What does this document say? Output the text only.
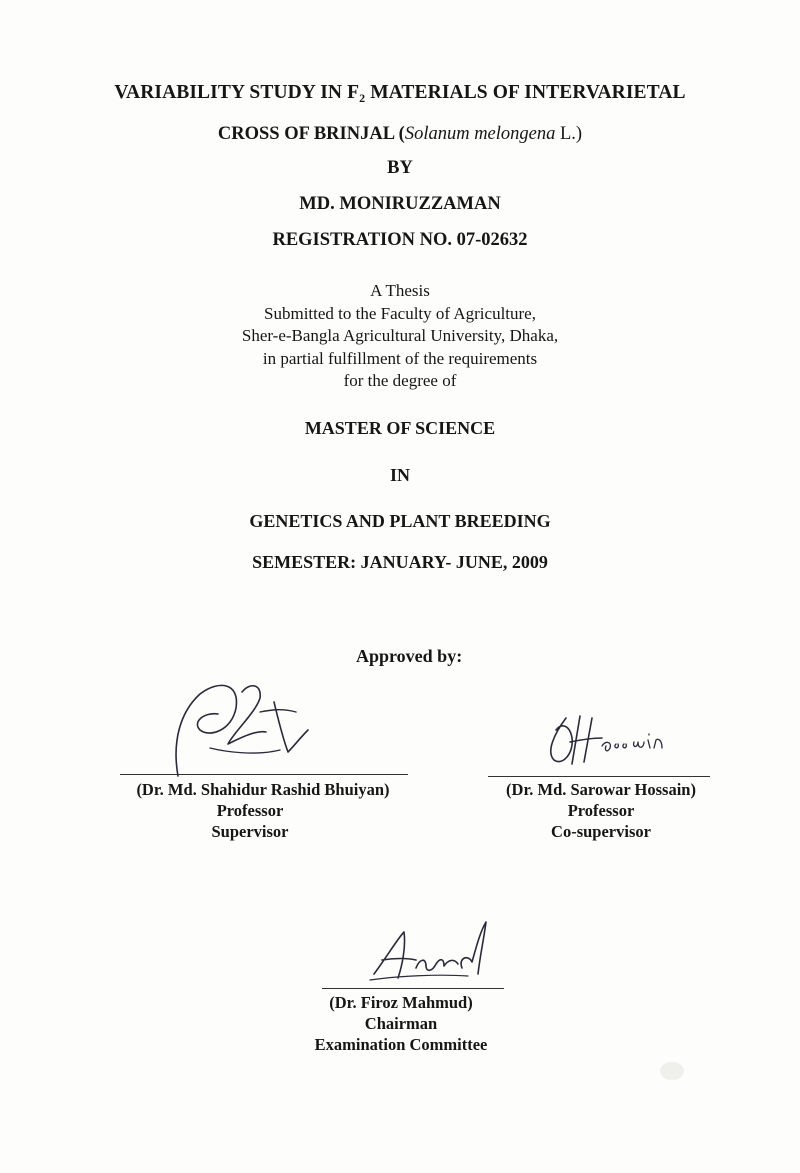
VARIABILITY STUDY IN $F_2$ MATERIALS OF INTERVARIETAL
CROSS OF BRINJAL (Solanum melongena L.)
BY
MD. MONIRUZZAMAN
REGISTRATION NO. 07-02632
A Thesis
Submitted to the Faculty of Agriculture,
Sher-e-Bangla Agricultural University, Dhaka,
in partial fulfillment of the requirements
for the degree of
MASTER OF SCIENCE
IN
GENETICS AND PLANT BREEDING
SEMESTER: JANUARY- JUNE, 2009
Approved by:
(Dr. Md. Shahidur Rashid Bhuiyan)
Professor
Supervisor
(Dr. Md. Sarowar Hossain)
Professor
Co-supervisor
(Dr. Firoz Mahmud)
Chairman
Examination Committee
